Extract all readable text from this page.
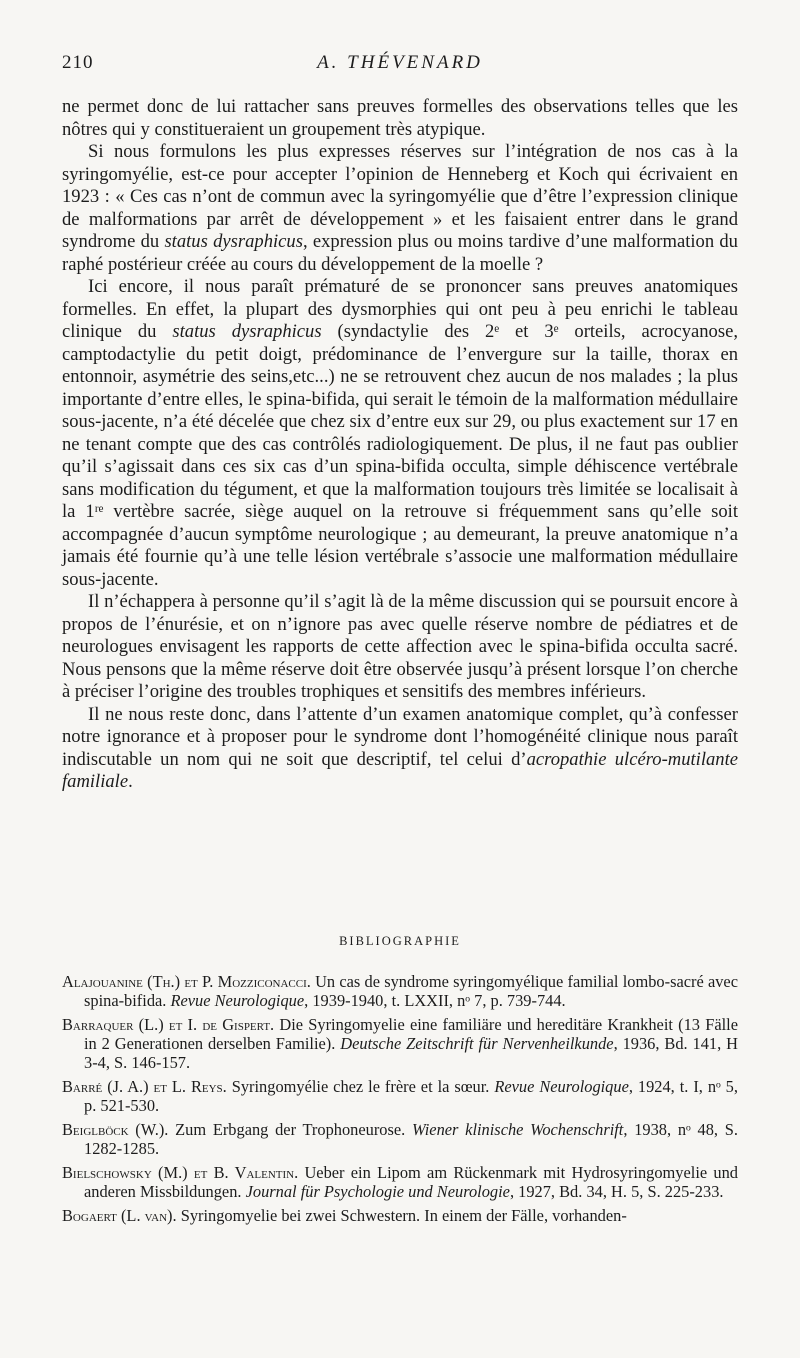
210	A. THÉVENARD

ne permet donc de lui rattacher sans preuves formelles des observations telles que les nôtres qui y constitueraient un groupement très atypique.

Si nous formulons les plus expresses réserves sur l’intégration de nos cas à la syringomyélie, est-ce pour accepter l’opinion de Henneberg et Koch qui écrivaient en 1923 : « Ces cas n’ont de commun avec la syringomyélie que d’être l’expression clinique de malformations par arrêt de développement » et les faisaient entrer dans le grand syndrome du status dysraphicus, expression plus ou moins tardive d’une malformation du raphé postérieur créée au cours du développement de la moelle ?

Ici encore, il nous paraît prématuré de se prononcer sans preuves anatomiques formelles. En effet, la plupart des dysmorphies qui ont peu à peu enrichi le tableau clinique du status dysraphicus (syndactylie des 2ᵉ et 3ᵉ orteils, acrocyanose, camptodactylie du petit doigt, prédominance de l’envergure sur la taille, thorax en entonnoir, asymétrie des seins,etc...) ne se retrouvent chez aucun de nos malades ; la plus importante d’entre elles, le spina-bifida, qui serait le témoin de la malformation médullaire sous-jacente, n’a été décelée que chez six d’entre eux sur 29, ou plus exactement sur 17 en ne tenant compte que des cas contrôlés radiologiquement. De plus, il ne faut pas oublier qu’il s’agissait dans ces six cas d’un spina-bifida occulta, simple déhiscence vertébrale sans modification du tégument, et que la malformation toujours très limitée se localisait à la 1ʳᵉ vertèbre sacrée, siège auquel on la retrouve si fréquemment sans qu’elle soit accompagnée d’aucun symptôme neurologique ; au demeurant, la preuve anatomique n’a jamais été fournie qu’à une telle lésion vertébrale s’associe une malformation médullaire sous-jacente.

Il n’échappera à personne qu’il s’agit là de la même discussion qui se poursuit encore à propos de l’énurésie, et on n’ignore pas avec quelle réserve nombre de pédiatres et de neurologues envisagent les rapports de cette affection avec le spina-bifida occulta sacré. Nous pensons que la même réserve doit être observée jusqu’à présent lorsque l’on cherche à préciser l’origine des troubles trophiques et sensitifs des membres inférieurs.

Il ne nous reste donc, dans l’attente d’un examen anatomique complet, qu’à confesser notre ignorance et à proposer pour le syndrome dont l’homogénéité clinique nous paraît indiscutable un nom qui ne soit que descriptif, tel celui d’acropathie ulcéro-mutilante familiale.

BIBLIOGRAPHIE
Alajouanine (Th.) et P. Mozziconacci. Un cas de syndrome syringomyélique familial lombo-sacré avec spina-bifida. Revue Neurologique, 1939-1940, t. LXXII, nᵒ 7, p. 739-744.
Barraquer (L.) et I. de Gispert. Die Syringomyelie eine familiäre und hereditäre Krankheit (13 Fälle in 2 Generationen derselben Familie). Deutsche Zeitschrift für Nervenheilkunde, 1936, Bd. 141, H 3-4, S. 146-157.
Barré (J. A.) et L. Reys. Syringomyélie chez le frère et la sœur. Revue Neurologique, 1924, t. I, nᵒ 5, p. 521-530.
Beiglböck (W.). Zum Erbgang der Trophoneurose. Wiener klinische Wochenschrift, 1938, nᵒ 48, S. 1282-1285.
Bielschowsky (M.) et B. Valentin. Ueber ein Lipom am Rückenmark mit Hydrosyringomyelie und anderen Missbildungen. Journal für Psychologie und Neurologie, 1927, Bd. 34, H. 5, S. 225-233.
Bogaert (L. van). Syringomyelie bei zwei Schwestern. In einem der Fälle, vorhanden-
